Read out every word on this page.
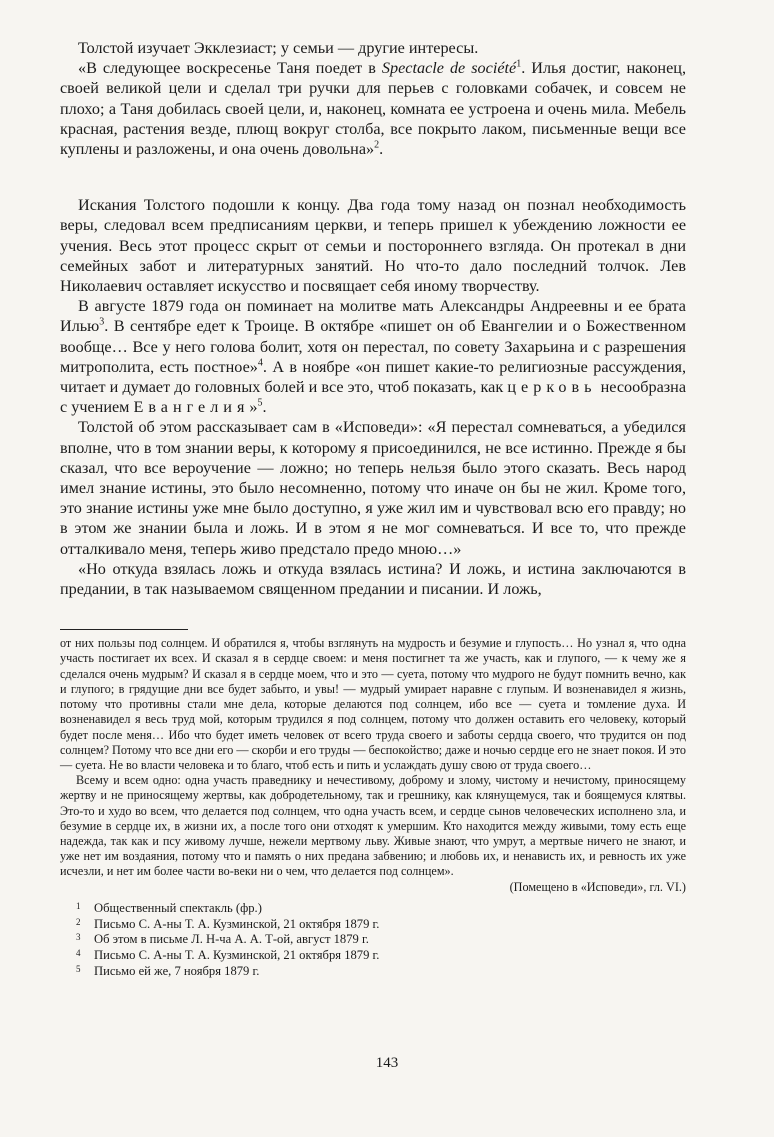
Толстой изучает Экклезиаст; у семьи — другие интересы.

«В следующее воскресенье Таня поедет в Spectacle de société$^1$. Илья достиг, наконец, своей великой цели и сделал три ручки для перьев с головками собачек, и совсем не плохо; а Таня добилась своей цели, и, наконец, комната ее устроена и очень мила. Мебель красная, растения везде, плющ вокруг столба, все покрыто лаком, письменные вещи все куплены и разложены, и она очень довольна»$^2$.

Искания Толстого подошли к концу. Два года тому назад он познал необходимость веры, следовал всем предписаниям церкви, и теперь пришел к убеждению ложности ее учения. Весь этот процесс скрыт от семьи и постороннего взгляда. Он протекал в дни семейных забот и литературных занятий. Но что-то дало последний толчок. Лев Николаевич оставляет искусство и посвящает себя иному творчеству.

В августе 1879 года он поминает на молитве мать Александры Андреевны и ее брата Илью$^3$. В сентябре едет к Троице. В октябре «пишет он об Евангелии и о Божественном вообще… Все у него голова болит, хотя он перестал, по совету Захарьина и с разрешения митрополита, есть постное»$^4$. А в ноябре «он пишет какие-то религиозные рассуждения, читает и думает до головных болей и все это, чтоб показать, как церковь несообразна с учением Евангелия»$^5$.

Толстой об этом рассказывает сам в «Исповеди»: «Я перестал сомневаться, а убедился вполне, что в том знании веры, к которому я присоединился, не все истинно. Прежде я бы сказал, что все вероучение — ложно; но теперь нельзя было этого сказать. Весь народ имел знание истины, это было несомненно, потому что иначе он бы не жил. Кроме того, это знание истины уже мне было доступно, я уже жил им и чувствовал всю его правду; но в этом же знании была и ложь. И в этом я не мог сомневаться. И все то, что прежде отталкивало меня, теперь живо предстало предо мною…»

«Но откуда взялась ложь и откуда взялась истина? И ложь, и истина заключаются в предании, в так называемом священном предании и писании. И ложь,

от них пользы под солнцем. И обратился я, чтобы взглянуть на мудрость и безумие и глупость… Но узнал я, что одна участь постигает их всех. И сказал я в сердце своем: и меня постигнет та же участь, как и глупого, — к чему же я сделался очень мудрым? И сказал я в сердце моем, что и это — суета, потому что мудрого не будут помнить вечно, как и глупого; в грядущие дни все будет забыто, и увы! — мудрый умирает наравне с глупым. И возненавидел я жизнь, потому что противны стали мне дела, которые делаются под солнцем, ибо все — суета и томление духа. И возненавидел я весь труд мой, которым трудился я под солнцем, потому что должен оставить его человеку, который будет после меня… Ибо что будет иметь человек от всего труда своего и заботы сердца своего, что трудится он под солнцем? Потому что все дни его — скорби и его труды — беспокойство; даже и ночью сердце его не знает покоя. И это — суета. Не во власти человека и то благо, чтоб есть и пить и услаждать душу свою от труда своего…

Всему и всем одно: одна участь праведнику и нечестивому, доброму и злому, чистому и нечистому, приносящему жертву и не приносящему жертвы, как добродетельному, так и грешнику, как клянущемуся, так и боящемуся клятвы. Это-то и худо во всем, что делается под солнцем, что одна участь всем, и сердце сынов человеческих исполнено зла, и безумие в сердце их, в жизни их, а после того они отходят к умершим. Кто находится между живыми, тому есть еще надежда, так как и псу живому лучше, нежели мертвому льву. Живые знают, что умрут, а мертвые ничего не знают, и уже нет им воздаяния, потому что и память о них предана забвению; и любовь их, и ненависть их, и ревность их уже исчезли, и нет им более части во-веки ни о чем, что делается под солнцем».

(Помещено в «Исповеди», гл. VI.)

1	Общественный спектакль (фр.)

2	Письмо С. А-ны Т. А. Кузминской, 21 октября 1879 г.

3	Об этом в письме Л. Н-ча А. А. Т-ой, август 1879 г.

4	Письмо С. А-ны Т. А. Кузминской, 21 октября 1879 г.

5	Письмо ей же, 7 ноября 1879 г.

143
